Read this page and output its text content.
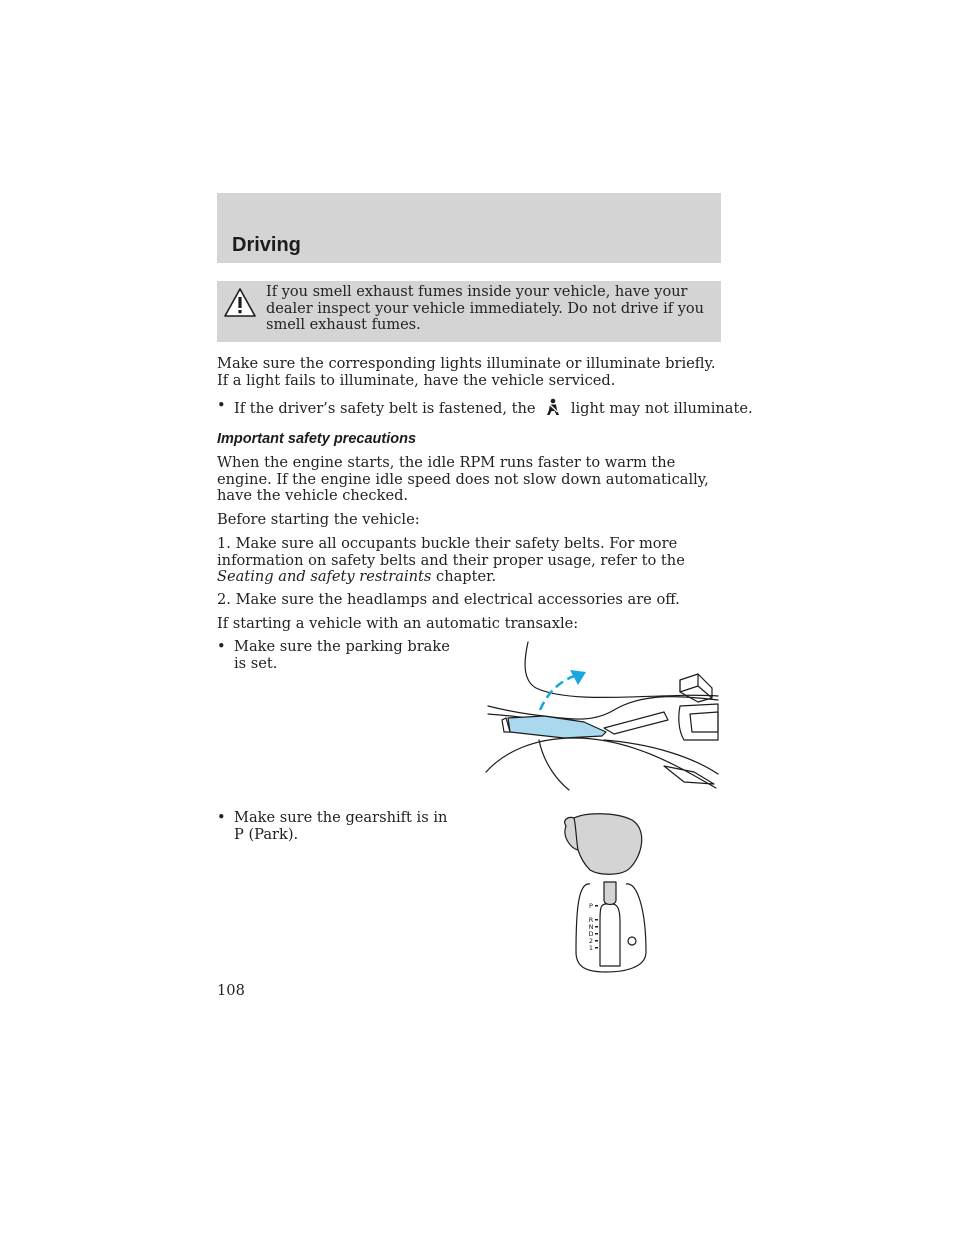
Driving
If you smell exhaust fumes inside your vehicle, have your dealer inspect your vehicle immediately. Do not drive if you smell exhaust fumes.

Make sure the corresponding lights illuminate or illuminate briefly. If a light fails to illuminate, have the vehicle serviced.

• If the driver’s safety belt is fastened, the light may not illuminate.
Important safety precautions

When the engine starts, the idle RPM runs faster to warm the engine. If the engine idle speed does not slow down automatically, have the vehicle checked.

Before starting the vehicle:

1. Make sure all occupants buckle their safety belts. For more information on safety belts and their proper usage, refer to the Seating and safety restraints chapter.

2. Make sure the headlamps and electrical accessories are off.

If starting a vehicle with an automatic transaxle:

• Make sure the parking brake is set.
• Make sure the gearshift is in P (Park).
P
R
N
D
2
1
108
